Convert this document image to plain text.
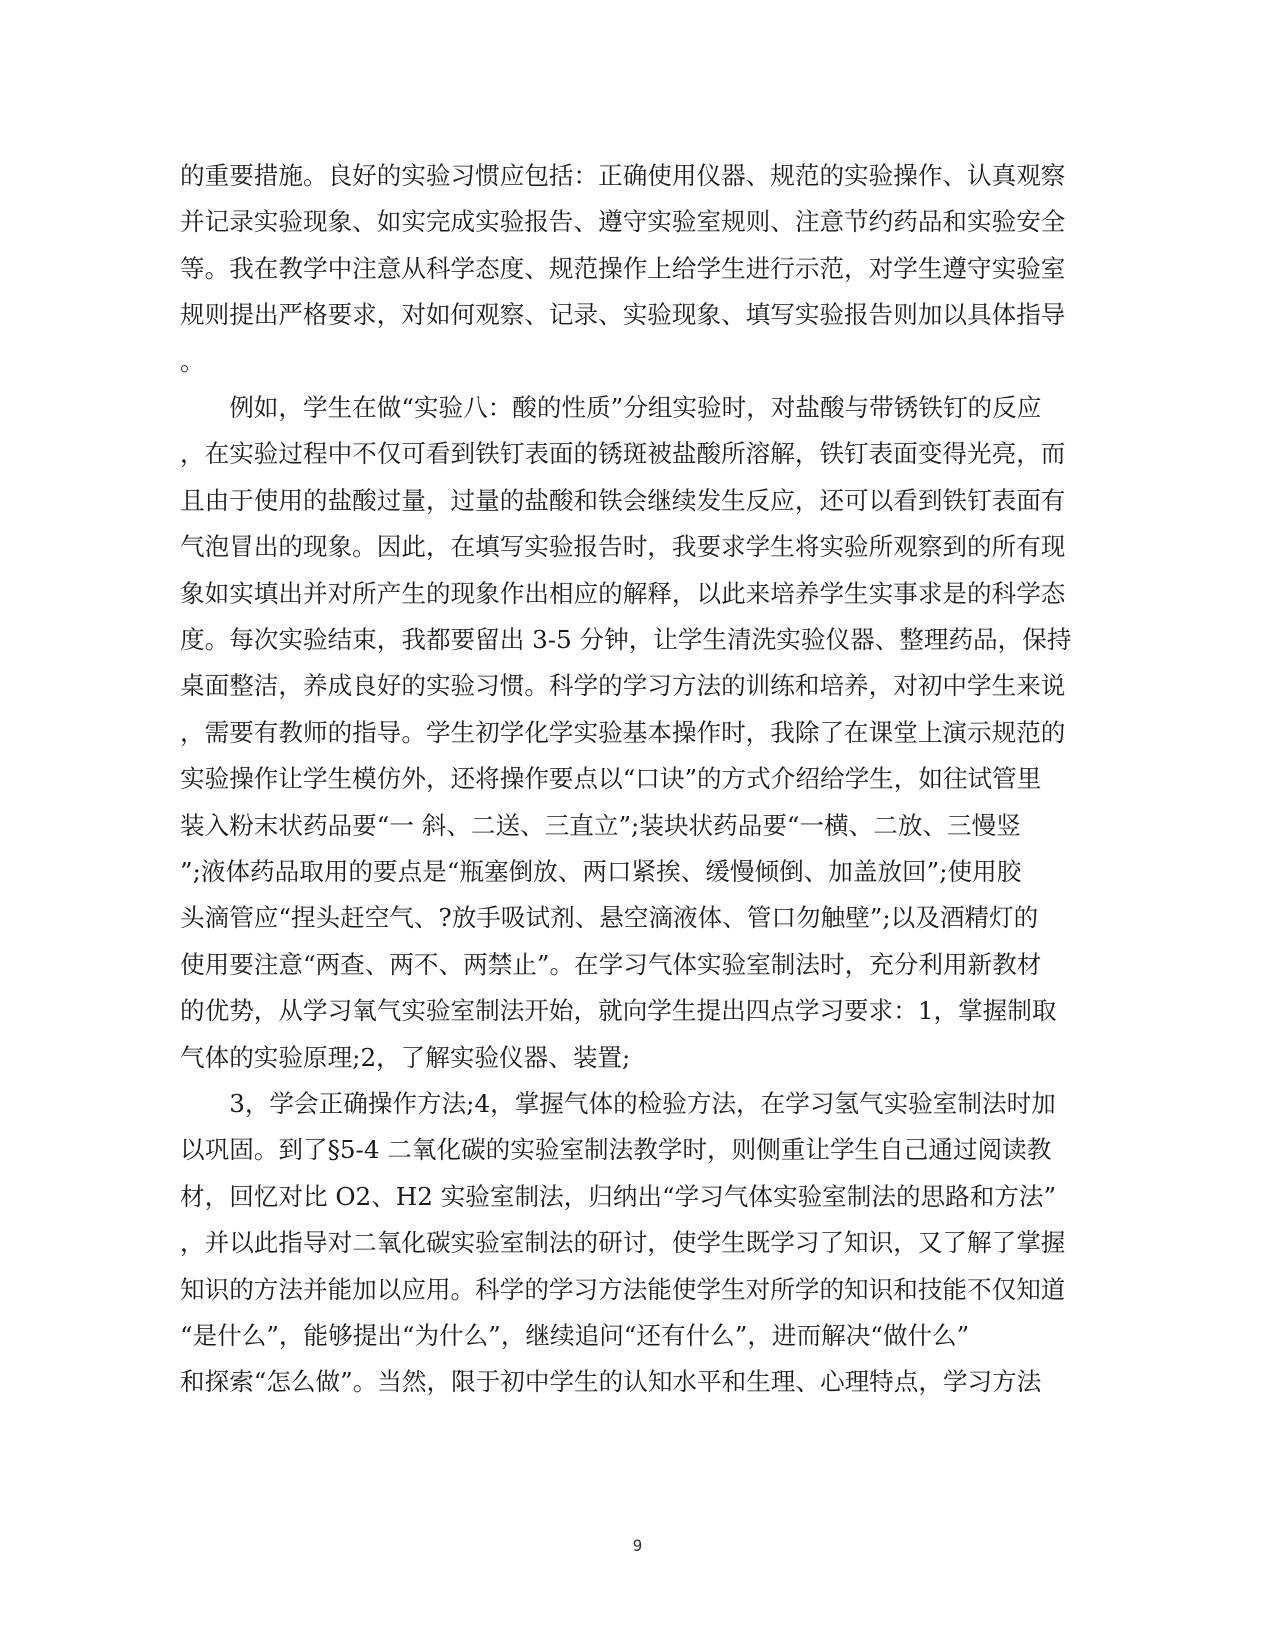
的重要措施。良好的实验习惯应包括：正确使用仪器、规范的实验操作、认真观察
并记录实验现象、如实完成实验报告、遵守实验室规则、注意节约药品和实验安全
等。我在教学中注意从科学态度、规范操作上给学生进行示范，对学生遵守实验室
规则提出严格要求，对如何观察、记录、实验现象、填写实验报告则加以具体指导
。
　　例如，学生在做“实验八：酸的性质”分组实验时，对盐酸与带锈铁钉的反应
，在实验过程中不仅可看到铁钉表面的锈斑被盐酸所溶解，铁钉表面变得光亮，而
且由于使用的盐酸过量，过量的盐酸和铁会继续发生反应，还可以看到铁钉表面有
气泡冒出的现象。因此，在填写实验报告时，我要求学生将实验所观察到的所有现
象如实填出并对所产生的现象作出相应的解释，以此来培养学生实事求是的科学态
度。每次实验结束，我都要留出 3-5 分钟，让学生清洗实验仪器、整理药品，保持
桌面整洁，养成良好的实验习惯。科学的学习方法的训练和培养，对初中学生来说
，需要有教师的指导。学生初学化学实验基本操作时，我除了在课堂上演示规范的
实验操作让学生模仿外，还将操作要点以“口诀”的方式介绍给学生，如往试管里
装入粉末状药品要“一 斜、二送、三直立”;装块状药品要“一横、二放、三慢竖
”;液体药品取用的要点是“瓶塞倒放、两口紧挨、缓慢倾倒、加盖放回”;使用胶
头滴管应“捏头赶空气、?放手吸试剂、悬空滴液体、管口勿触壁”;以及酒精灯的
使用要注意“两查、两不、两禁止”。在学习气体实验室制法时，充分利用新教材
的优势，从学习氧气实验室制法开始，就向学生提出四点学习要求：1，掌握制取
气体的实验原理;2，了解实验仪器、装置;
　　3，学会正确操作方法;4，掌握气体的检验方法，在学习氢气实验室制法时加
以巩固。到了§5-4 二氧化碳的实验室制法教学时，则侧重让学生自己通过阅读教
材，回忆对比 O2、H2 实验室制法，归纳出“学习气体实验室制法的思路和方法”
，并以此指导对二氧化碳实验室制法的研讨，使学生既学习了知识，又了解了掌握
知识的方法并能加以应用。科学的学习方法能使学生对所学的知识和技能不仅知道
“是什么”，能够提出“为什么”，继续追问“还有什么”，进而解决“做什么”
和探索“怎么做”。当然，限于初中学生的认知水平和生理、心理特点，学习方法
9
